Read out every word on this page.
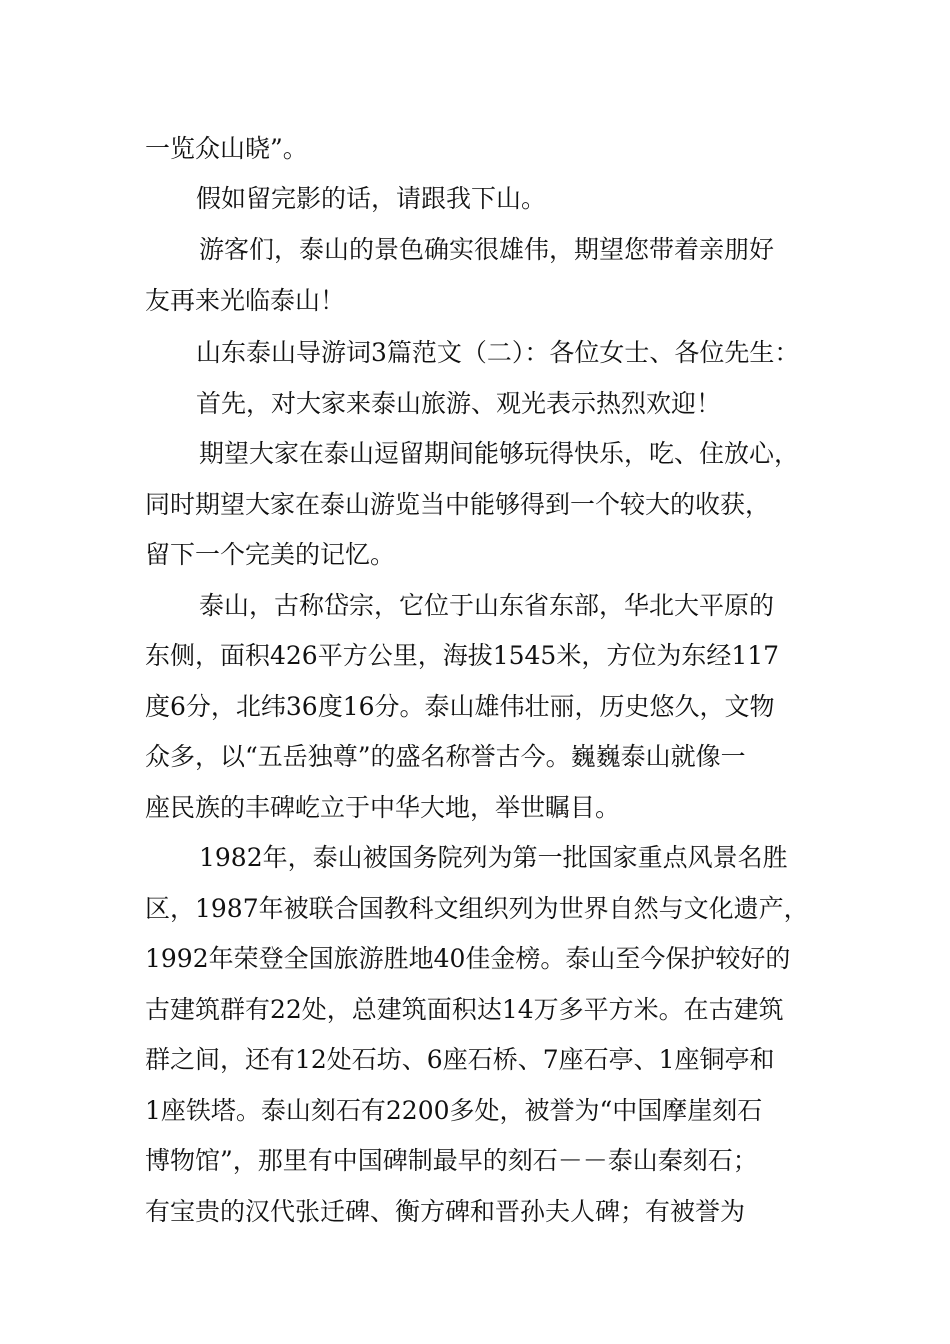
一览众山晓”。
假如留完影的话，请跟我下山。
游客们，泰山的景色确实很雄伟，期望您带着亲朋好
友再来光临泰山！
山东泰山导游词3篇范文（二）：各位女士、各位先生：
首先，对大家来泰山旅游、观光表示热烈欢迎！
期望大家在泰山逗留期间能够玩得快乐，吃、住放心，
同时期望大家在泰山游览当中能够得到一个较大的收获，
留下一个完美的记忆。
泰山，古称岱宗，它位于山东省东部，华北大平原的
东侧，面积426平方公里，海拔1545米，方位为东经117
度6分，北纬36度16分。泰山雄伟壮丽，历史悠久，文物
众多，以“五岳独尊”的盛名称誉古今。巍巍泰山就像一
座民族的丰碑屹立于中华大地，举世瞩目。
1982年，泰山被国务院列为第一批国家重点风景名胜
区，1987年被联合国教科文组织列为世界自然与文化遗产，
1992年荣登全国旅游胜地40佳金榜。泰山至今保护较好的
古建筑群有22处，总建筑面积达14万多平方米。在古建筑
群之间，还有12处石坊、6座石桥、7座石亭、1座铜亭和
1座铁塔。泰山刻石有2200多处，被誉为“中国摩崖刻石
博物馆”，那里有中国碑制最早的刻石－－泰山秦刻石；
有宝贵的汉代张迁碑、衡方碑和晋孙夫人碑；有被誉为
